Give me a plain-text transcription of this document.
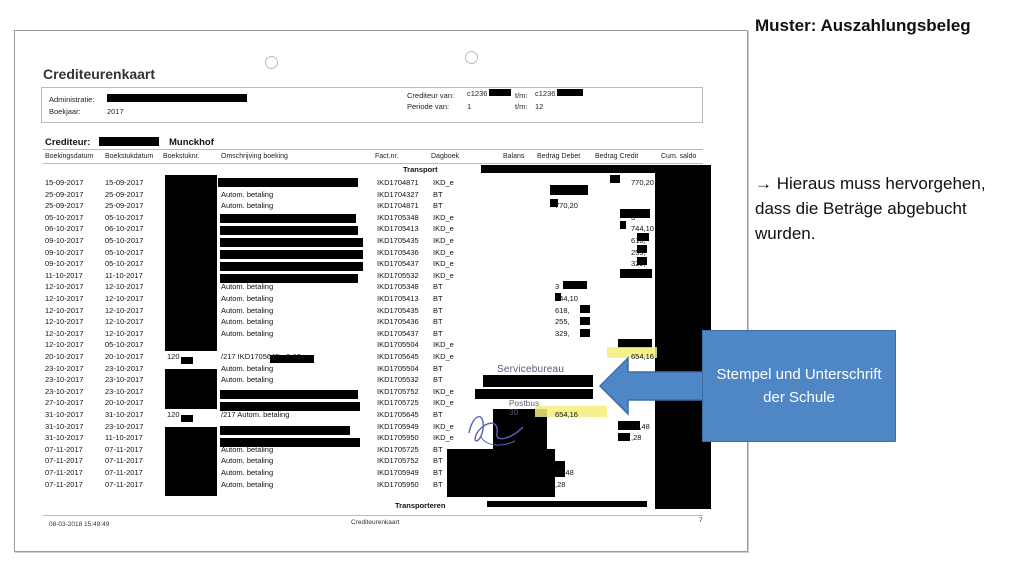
Muster: Auszahlungsbeleg
→ Hieraus muss hervorgehen, dass die Beträge abgebucht wurden.
Crediteurenkaart
Administratie:
Boekjaar:	2017
Crediteur van: c1236	t/m: c1236
Periode van: 1	t/m: 12
Crediteur:	Munckhof
Boekingsdatum Boekstukdatum Boekstuknr.	Omschrijving boeking	Fact.nr.	Dagboek	Balans Bedrag Debet Bedrag Credit	Cum. saldo
Transport
15-09-2017	15-09-2017	IKD1704871 IKD_e	770,20
25-09-2017	25-09-2017	Autom. betaling	IKD1704327 BT
25-09-2017	25-09-2017	Autom. betaling	IKD1704871 BT	770,20
05-10-2017	05-10-2017	IKD1705348 IKD_e	3
06-10-2017	06-10-2017	IKD1705413 IKD_e	744,10
09-10-2017	05-10-2017	IKD1705435 IKD_e	618,
09-10-2017	05-10-2017	IKD1705436 IKD_e	255,
09-10-2017	05-10-2017	IKD1705437 IKD_e	329,
11-10-2017	11-10-2017	IKD1705532 IKD_e
12-10-2017	12-10-2017	Autom. betaling	IKD1705348 BT	3
12-10-2017	12-10-2017	Autom. betaling	IKD1705413 BT	744,10
12-10-2017	12-10-2017	Autom. betaling	IKD1705435 BT	618,
12-10-2017	12-10-2017	Autom. betaling	IKD1705436 BT	255,
12-10-2017	12-10-2017	Autom. betaling	IKD1705437 BT	329,
12-10-2017	05-10-2017	IKD1705504 IKD_e
20-10-2017	20-10-2017	120	/217 IKD1705645 - 6-10	IKD1705645 IKD_e	654,16
23-10-2017	23-10-2017	Autom. betaling	IKD1705504 BT
23-10-2017	23-10-2017	Autom. betaling	IKD1705532 BT
23-10-2017	23-10-2017	IKD1705752 IKD_e
27-10-2017	20-10-2017	IKD1705725 IKD_e
31-10-2017	31-10-2017	120	/217 Autom. betaling	IKD1705645 BT	654,16
31-10-2017	23-10-2017	IKD1705949 IKD_e	79,48
31-10-2017	11-10-2017	IKD1705950 IKD_e	,28
07-11-2017	07-11-2017	Autom. betaling	IKD1705725 BT
07-11-2017	07-11-2017	Autom. betaling	IKD1705752 BT
07-11-2017	07-11-2017	Autom. betaling	IKD1705949 BT	79,48
07-11-2017	07-11-2017	Autom. betaling	IKD1705950 BT	,28
Servicebureau
Postbus
30
Transporteren
08-03-2018 15:49:49	Crediteurenkaart	7
Stempel und Unterschrift der Schule
